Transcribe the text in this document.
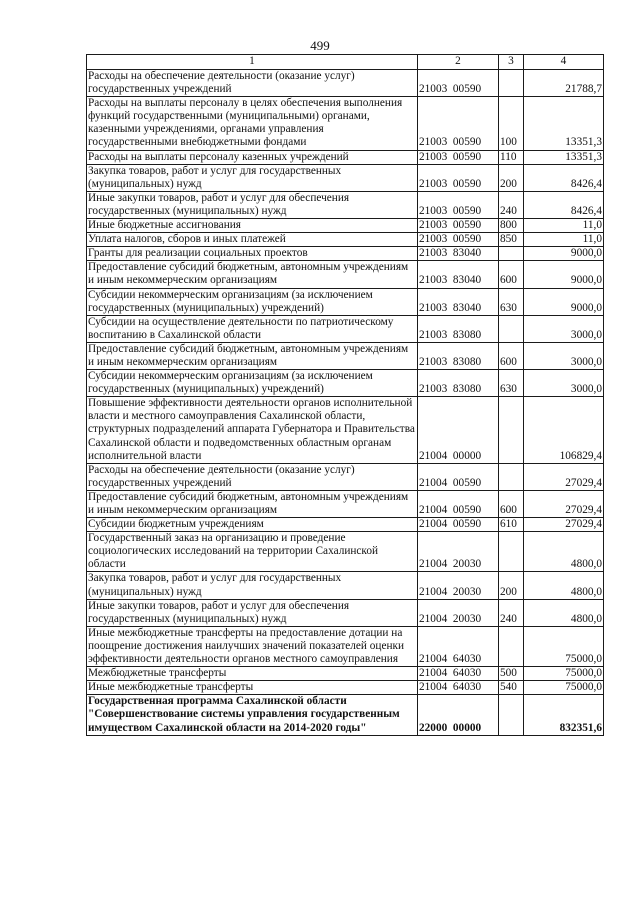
499
1	2	3	4
Расходы на обеспечение деятельности (оказание услуг) государственных учреждений	21003  00590		21788,7
Расходы на выплаты персоналу в целях обеспечения выполнения функций государственными (муниципальными) органами, казенными учреждениями, органами управления государственными внебюджетными фондами	21003  00590	100	13351,3
Расходы на выплаты персоналу казенных учреждений	21003  00590	110	13351,3
Закупка товаров, работ и услуг для государственных (муниципальных) нужд	21003  00590	200	8426,4
Иные закупки товаров, работ и услуг для обеспечения государственных (муниципальных) нужд	21003  00590	240	8426,4
Иные бюджетные ассигнования	21003  00590	800	11,0
Уплата налогов, сборов и иных платежей	21003  00590	850	11,0
Гранты для реализации социальных проектов	21003  83040		9000,0
Предоставление субсидий бюджетным, автономным учреждениям и иным некоммерческим организациям	21003  83040	600	9000,0
Субсидии некоммерческим организациям (за исключением государственных (муниципальных) учреждений)	21003  83040	630	9000,0
Субсидии на осуществление деятельности по патриотическому воспитанию в Сахалинской области	21003  83080		3000,0
Предоставление субсидий бюджетным, автономным учреждениям и иным некоммерческим организациям	21003  83080	600	3000,0
Субсидии некоммерческим организациям (за исключением государственных (муниципальных) учреждений)	21003  83080	630	3000,0
Повышение эффективности деятельности органов исполнительной власти и местного самоуправления Сахалинской области, структурных подразделений аппарата Губернатора и Правительства Сахалинской области и подведомственных областным органам исполнительной власти	21004  00000		106829,4
Расходы на обеспечение деятельности (оказание услуг) государственных учреждений	21004  00590		27029,4
Предоставление субсидий бюджетным, автономным учреждениям и иным некоммерческим организациям	21004  00590	600	27029,4
Субсидии бюджетным учреждениям	21004  00590	610	27029,4
Государственный заказ на организацию и проведение социологических исследований на территории Сахалинской области	21004  20030		4800,0
Закупка товаров, работ и услуг для государственных (муниципальных) нужд	21004  20030	200	4800,0
Иные закупки товаров, работ и услуг для обеспечения государственных (муниципальных) нужд	21004  20030	240	4800,0
Иные межбюджетные трансферты на предоставление дотации на поощрение достижения наилучших значений показателей оценки эффективности деятельности органов местного самоуправления	21004  64030		75000,0
Межбюджетные трансферты	21004  64030	500	75000,0
Иные межбюджетные трансферты	21004  64030	540	75000,0
Государственная программа Сахалинской области "Совершенствование системы управления государственным имуществом Сахалинской области на 2014-2020 годы"	22000  00000		832351,6
